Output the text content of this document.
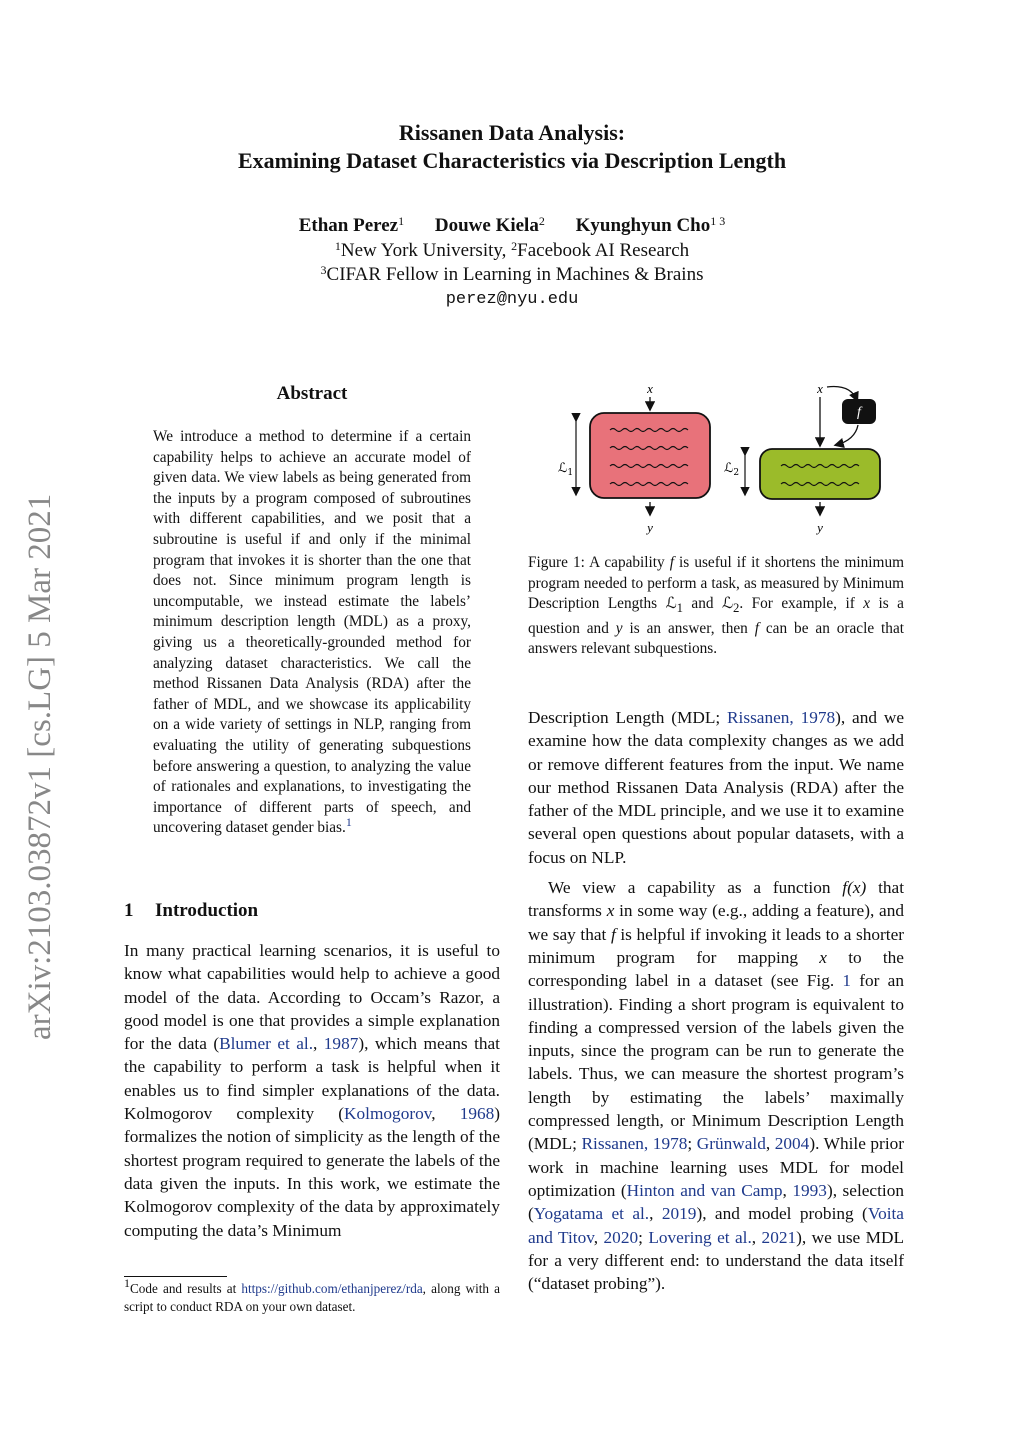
Rissanen Data Analysis:
Examining Dataset Characteristics via Description Length
Ethan Perez$^1$ Douwe Kiela$^2$ Kyunghyun Cho$^{1 3}$
$^1$New York University, $^2$Facebook AI Research
$^3$CIFAR Fellow in Learning in Machines & Brains
perez@nyu.edu
arXiv:2103.03872v1 [cs.LG] 5 Mar 2021
Abstract
We introduce a method to determine if a certain capability helps to achieve an accurate model of given data. We view labels as being generated from the inputs by a program composed of subroutines with different capabilities, and we posit that a subroutine is useful if and only if the minimal program that invokes it is shorter than the one that does not. Since minimum program length is uncomputable, we instead estimate the labels’ minimum description length (MDL) as a proxy, giving us a theoretically-grounded method for analyzing dataset characteristics. We call the method Rissanen Data Analysis (RDA) after the father of MDL, and we showcase its applicability on a wide variety of settings in NLP, ranging from evaluating the utility of generating subquestions before answering a question, to analyzing the value of rationales and explanations, to investigating the importance of different parts of speech, and uncovering dataset gender bias.$^1$
1 Introduction
In many practical learning scenarios, it is useful to know what capabilities would help to achieve a good model of the data. According to Occam’s Razor, a good model is one that provides a simple explanation for the data (Blumer et al., 1987), which means that the capability to perform a task is helpful when it enables us to find simpler explanations of the data. Kolmogorov complexity (Kolmogorov, 1968) formalizes the notion of simplicity as the length of the shortest program required to generate the labels of the data given the inputs. In this work, we estimate the Kolmogorov complexity of the data by approximately computing the data’s Minimum
$^1$Code and results at https://github.com/ethanjperez/rda, along with a script to conduct RDA on your own dataset.
x
y
ℒ$_1$
x
f
y
ℒ$_2$
Figure 1: A capability f is useful if it shortens the minimum program needed to perform a task, as measured by Minimum Description Lengths ℒ$_1$ and ℒ$_2$. For example, if x is a question and y is an answer, then f can be an oracle that answers relevant subquestions.

Description Length (MDL; Rissanen, 1978), and we examine how the data complexity changes as we add or remove different features from the input. We name our method Rissanen Data Analysis (RDA) after the father of the MDL principle, and we use it to examine several open questions about popular datasets, with a focus on NLP.

We view a capability as a function f(x) that transforms x in some way (e.g., adding a feature), and we say that f is helpful if invoking it leads to a shorter minimum program for mapping x to the corresponding label in a dataset (see Fig. 1 for an illustration). Finding a short program is equivalent to finding a compressed version of the labels given the inputs, since the program can be run to generate the labels. Thus, we can measure the shortest program’s length by estimating the labels’ maximally compressed length, or Minimum Description Length (MDL; Rissanen, 1978; Grünwald, 2004). While prior work in machine learning uses MDL for model optimization (Hinton and van Camp, 1993), selection (Yogatama et al., 2019), and model probing (Voita and Titov, 2020; Lovering et al., 2021), we use MDL for a very different end: to understand the data itself (“dataset probing”).
